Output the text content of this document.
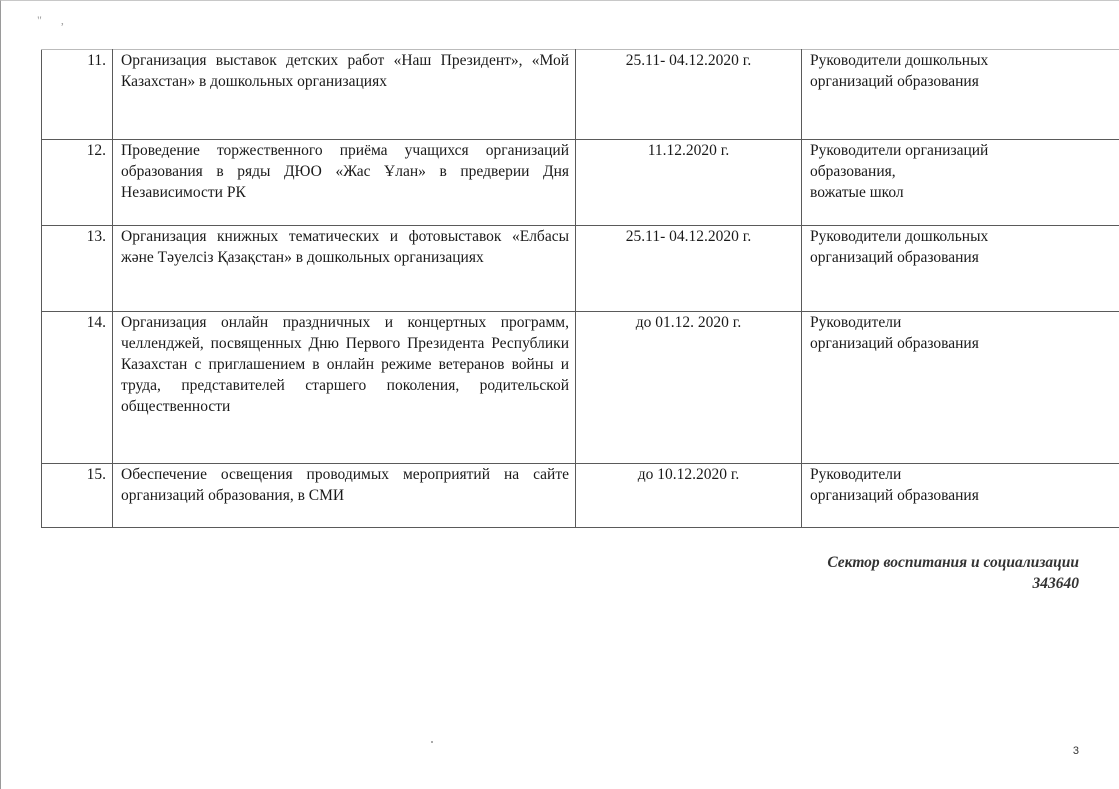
" ,
11.	Организация выставок детских работ «Наш Президент», «Мой Казахстан» в дошкольных организациях	25.11- 04.12.2020 г.	Руководители дошкольных
организаций образования

12.	Проведение торжественного приёма учащихся организаций образования в ряды ДЮО «Жас Ұлан» в предверии Дня Независимости РК	11.12.2020 г.	Руководители организаций
образования,
вожатые школ

13.	Организация книжных тематических и фотовыставок «Елбасы және Тәуелсіз Қазақстан» в дошкольных организациях	25.11- 04.12.2020 г.	Руководители дошкольных
организаций образования

14.	Организация онлайн праздничных и концертных программ, челленджей, посвященных Дню Первого Президента Республики Казахстан с приглашением в онлайн режиме ветеранов войны и труда, представителей старшего поколения, родительской общественности	до 01.12. 2020 г.	Руководители
организаций образования

15.	Обеспечение освещения проводимых мероприятий на сайте организаций образования, в СМИ	до 10.12.2020 г.	Руководители
организаций образования
Сектор воспитания и социализации
343640
3
